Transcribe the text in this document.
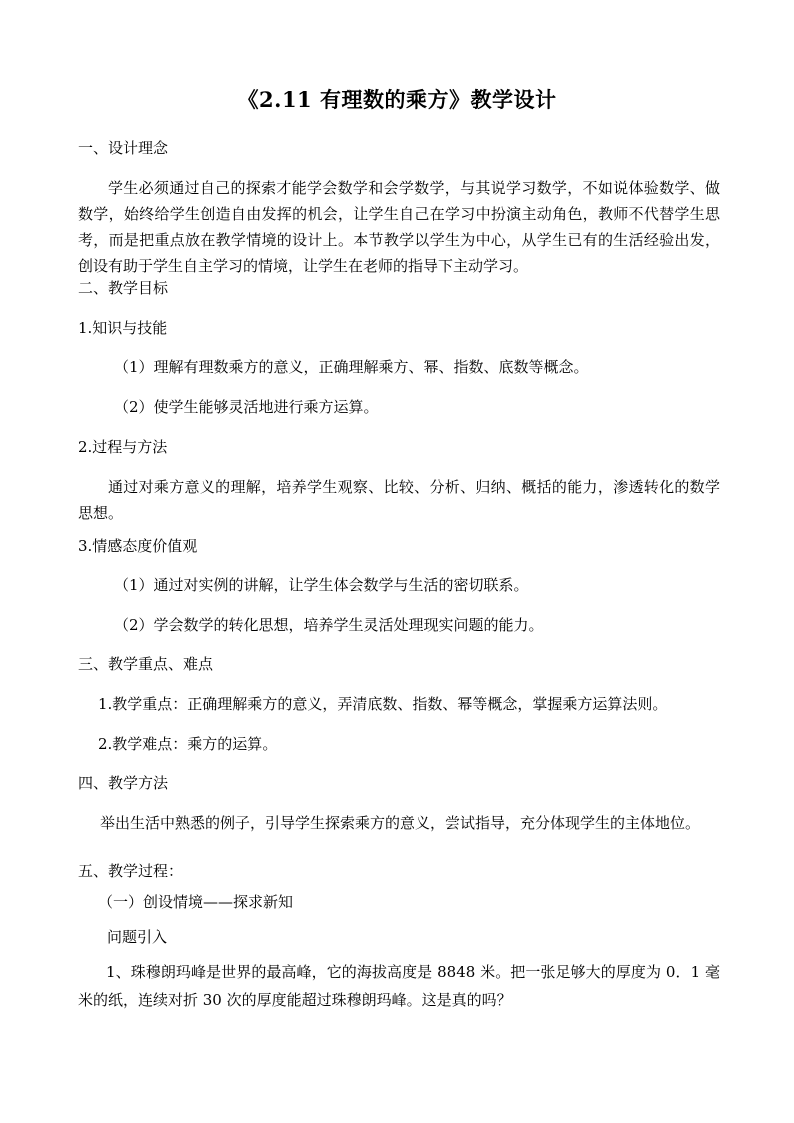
《2.11 有理数的乘方》教学设计
一、设计理念
学生必须通过自己的探索才能学会数学和会学数学，与其说学习数学，不如说体验数学、做数学，始终给学生创造自由发挥的机会，让学生自己在学习中扮演主动角色，教师不代替学生思考，而是把重点放在教学情境的设计上。本节教学以学生为中心，从学生已有的生活经验出发，创设有助于学生自主学习的情境，让学生在老师的指导下主动学习。
二、教学目标
1.知识与技能
（1）理解有理数乘方的意义，正确理解乘方、幂、指数、底数等概念。
（2）使学生能够灵活地进行乘方运算。
2.过程与方法
通过对乘方意义的理解，培养学生观察、比较、分析、归纳、概括的能力，渗透转化的数学思想。
3.情感态度价值观
（1）通过对实例的讲解，让学生体会数学与生活的密切联系。
（2）学会数学的转化思想，培养学生灵活处理现实问题的能力。
三、教学重点、难点
1.教学重点：正确理解乘方的意义，弄清底数、指数、幂等概念，掌握乘方运算法则。
2.教学难点：乘方的运算。
四、教学方法
举出生活中熟悉的例子，引导学生探索乘方的意义，尝试指导，充分体现学生的主体地位。
五、教学过程：
（一）创设情境——探求新知
问题引入
1、珠穆朗玛峰是世界的最高峰，它的海拔高度是 8848 米。把一张足够大的厚度为 0．1 毫米的纸，连续对折 30 次的厚度能超过珠穆朗玛峰。这是真的吗？
